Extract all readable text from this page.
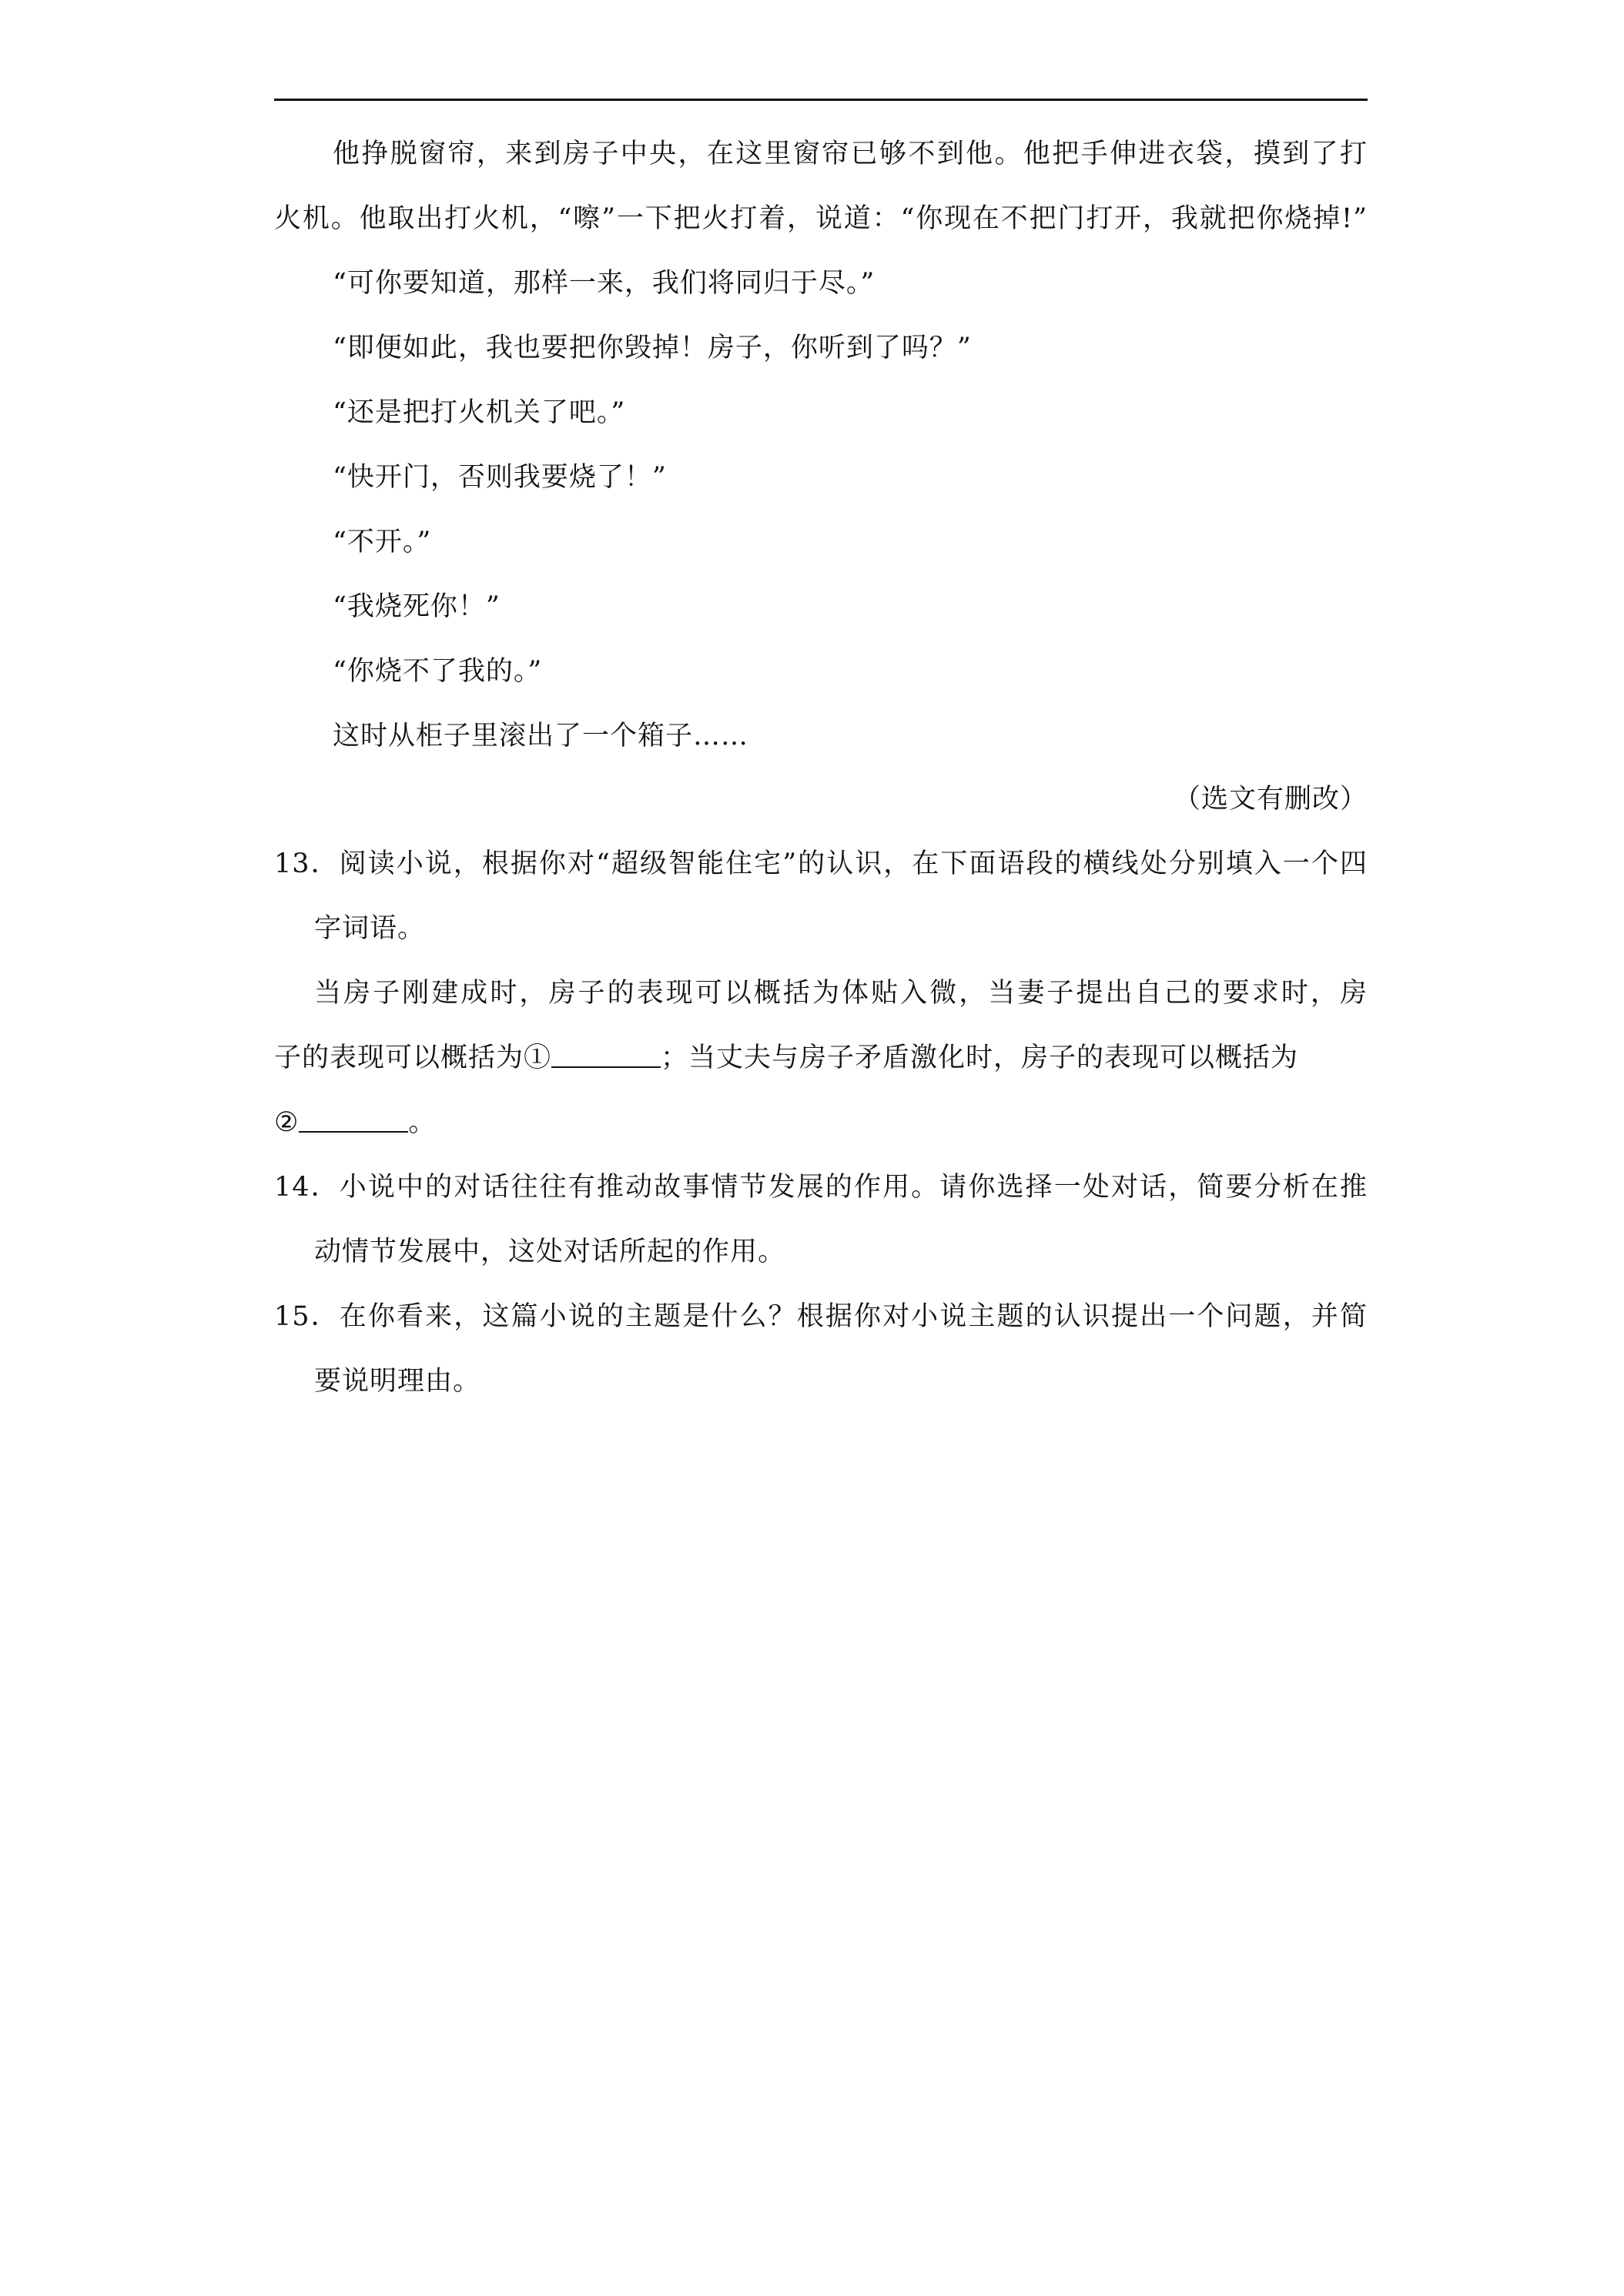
他挣脱窗帘，来到房子中央，在这里窗帘已够不到他。他把手伸进衣袋，摸到了打
火机。他取出打火机，“嚓”一下把火打着，说道：“你现在不把门打开，我就把你烧掉!”
“可你要知道，那样一来，我们将同归于尽。”
“即便如此，我也要把你毁掉！房子，你听到了吗？”
“还是把打火机关了吧。”
“快开门，否则我要烧了！”
“不开。”
“我烧死你！”
“你烧不了我的。”
这时从柜子里滚出了一个箱子……
（选文有删改）
13．阅读小说，根据你对“超级智能住宅”的认识，在下面语段的横线处分别填入一个四
字词语。
当房子刚建成时，房子的表现可以概括为体贴入微，当妻子提出自己的要求时，房
子的表现可以概括为①	；当丈夫与房子矛盾激化时，房子的表现可以概括为
②	。
14．小说中的对话往往有推动故事情节发展的作用。请你选择一处对话，简要分析在推
动情节发展中，这处对话所起的作用。
15．在你看来，这篇小说的主题是什么？根据你对小说主题的认识提出一个问题，并简
要说明理由。
